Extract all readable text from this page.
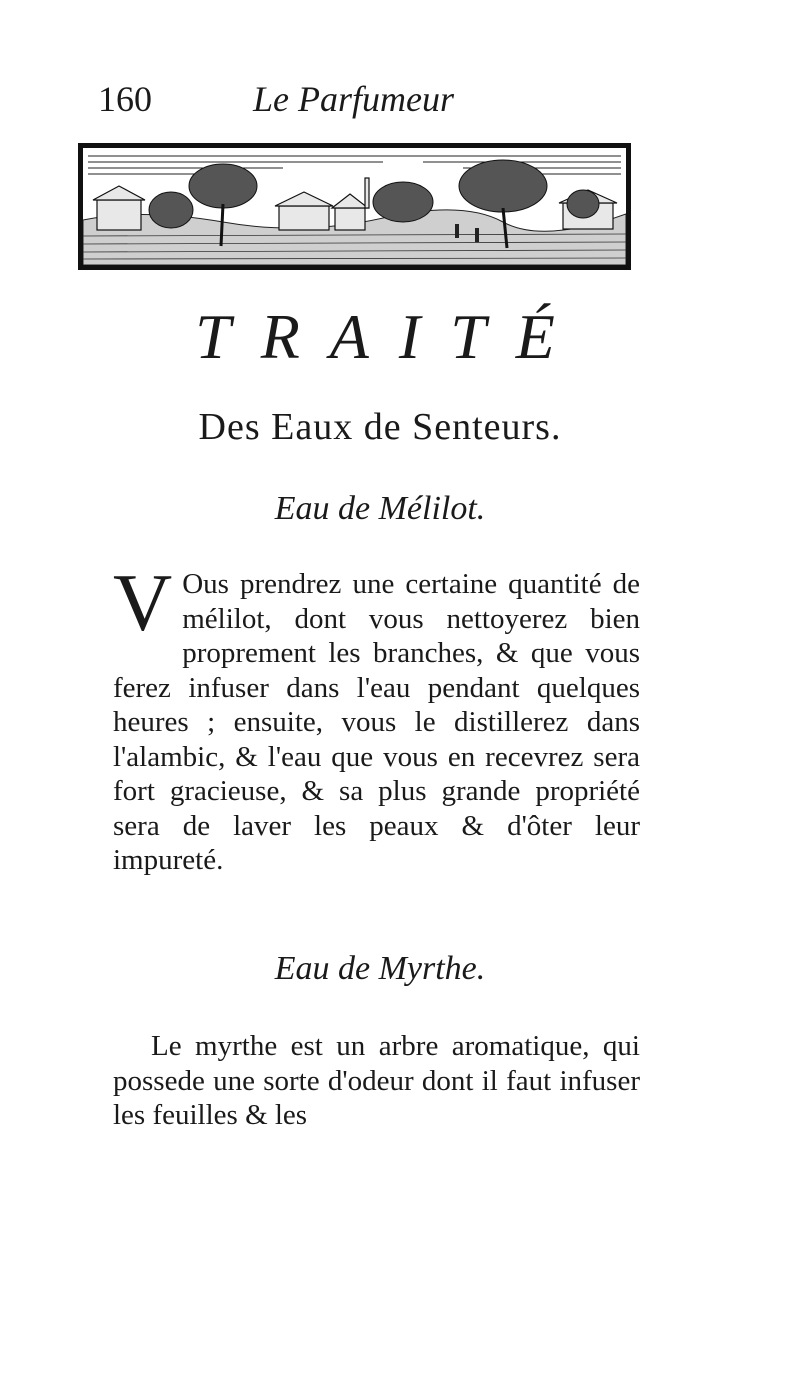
160	Le Parfumeur
TRAITÉ
Des Eaux de Senteurs.
Eau de Mélilot.

V Ous prendrez une certaine quantité de mélilot, dont vous nettoyerez bien proprement les branches, & que vous ferez infuser dans l'eau pendant quelques heures ; ensuite, vous le distillerez dans l'alambic, & l'eau que vous en recevrez sera fort gracieuse, & sa plus grande propriété sera de laver les peaux & d'ôter leur impureté.

Eau de Myrthe.

Le myrthe est un arbre aromatique, qui possede une sorte d'odeur dont il faut infuser les feuilles & les
